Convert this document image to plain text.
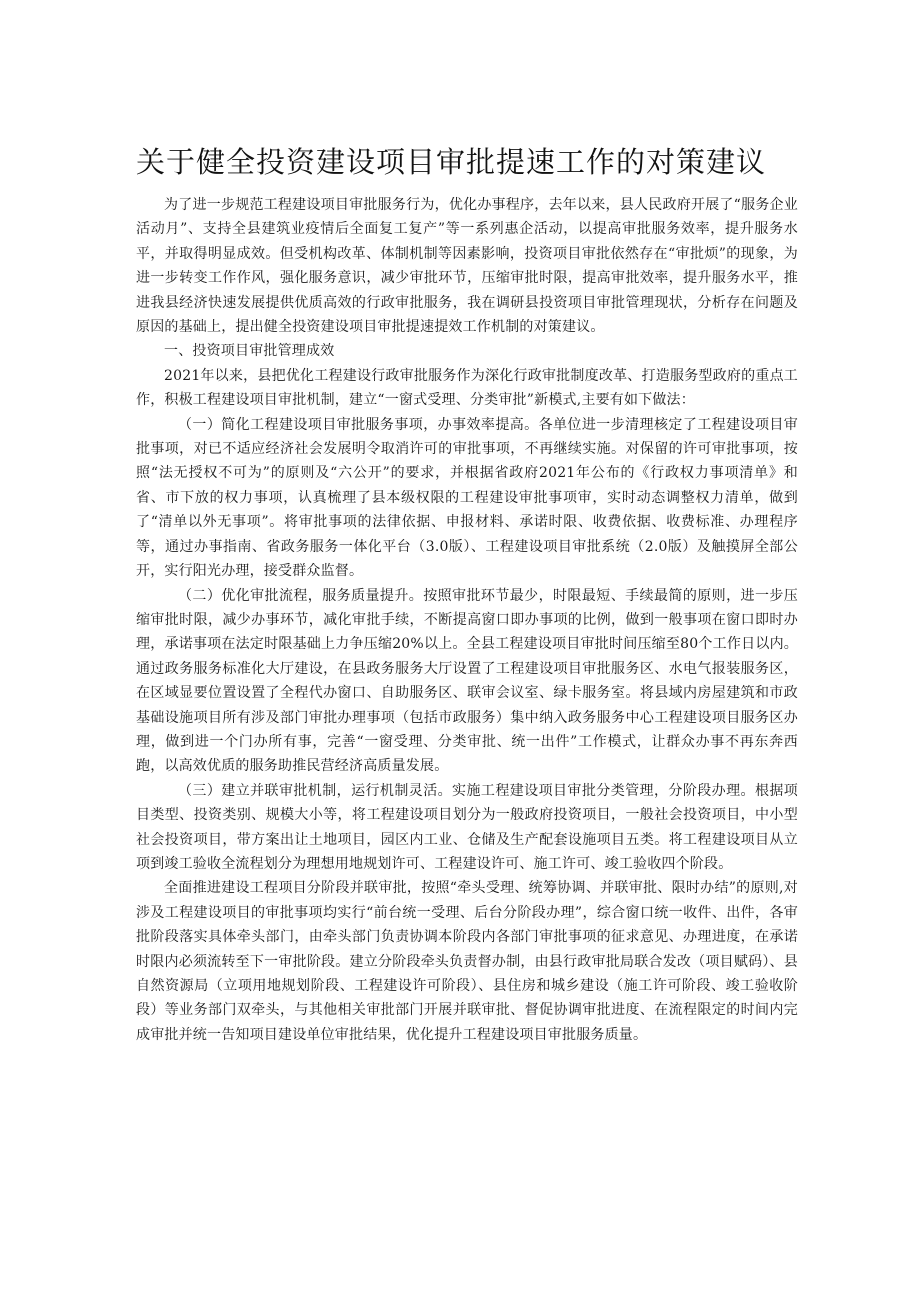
关于健全投资建设项目审批提速工作的对策建议

为了进一步规范工程建设项目审批服务行为，优化办事程序，去年以来，县人民政府开展了“服务企业活动月”、支持全县建筑业疫情后全面复工复产”等一系列惠企活动，以提高审批服务效率，提升服务水平，并取得明显成效。但受机构改革、体制机制等因素影响，投资项目审批依然存在“审批烦”的现象，为进一步转变工作作风，强化服务意识，减少审批环节，压缩审批时限，提高审批效率，提升服务水平，推进我县经济快速发展提供优质高效的行政审批服务，我在调研县投资项目审批管理现状，分析存在问题及原因的基础上，提出健全投资建设项目审批提速提效工作机制的对策建议。

一、投资项目审批管理成效

2021年以来，县把优化工程建设行政审批服务作为深化行政审批制度改革、打造服务型政府的重点工作，积极工程建设项目审批机制，建立“一窗式受理、分类审批”新模式,主要有如下做法：

（一）简化工程建设项目审批服务事项，办事效率提高。各单位进一步清理核定了工程建设项目审批事项，对已不适应经济社会发展明令取消许可的审批事项，不再继续实施。对保留的许可审批事项，按照“法无授权不可为”的原则及“六公开”的要求，并根据省政府2021年公布的《行政权力事项清单》和省、市下放的权力事项，认真梳理了县本级权限的工程建设审批事项审，实时动态调整权力清单，做到了“清单以外无事项”。将审批事项的法律依据、申报材料、承诺时限、收费依据、收费标准、办理程序等，通过办事指南、省政务服务一体化平台（3.0版）、工程建设项目审批系统（2.0版）及触摸屏全部公开，实行阳光办理，接受群众监督。

（二）优化审批流程，服务质量提升。按照审批环节最少，时限最短、手续最简的原则，进一步压缩审批时限，减少办事环节，减化审批手续，不断提高窗口即办事项的比例，做到一般事项在窗口即时办理，承诺事项在法定时限基础上力争压缩20%以上。全县工程建设项目审批时间压缩至80个工作日以内。通过政务服务标准化大厅建设，在县政务服务大厅设置了工程建设项目审批服务区、水电气报装服务区，在区域显要位置设置了全程代办窗口、自助服务区、联审会议室、绿卡服务室。将县域内房屋建筑和市政基础设施项目所有涉及部门审批办理事项（包括市政服务）集中纳入政务服务中心工程建设项目服务区办理，做到进一个门办所有事，完善“一窗受理、分类审批、统一出件”工作模式，让群众办事不再东奔西跑，以高效优质的服务助推民营经济高质量发展。

（三）建立并联审批机制，运行机制灵活。实施工程建设项目审批分类管理，分阶段办理。根据项目类型、投资类别、规模大小等，将工程建设项目划分为一般政府投资项目，一般社会投资项目，中小型社会投资项目，带方案出让土地项目，园区内工业、仓储及生产配套设施项目五类。将工程建设项目从立项到竣工验收全流程划分为理想用地规划许可、工程建设许可、施工许可、竣工验收四个阶段。

全面推进建设工程项目分阶段并联审批，按照“牵头受理、统筹协调、并联审批、限时办结”的原则,对涉及工程建设项目的审批事项均实行“前台统一受理、后台分阶段办理”，综合窗口统一收件、出件，各审批阶段落实具体牵头部门，由牵头部门负责协调本阶段内各部门审批事项的征求意见、办理进度，在承诺时限内必须流转至下一审批阶段。建立分阶段牵头负责督办制，由县行政审批局联合发改（项目赋码）、县自然资源局（立项用地规划阶段、工程建设许可阶段）、县住房和城乡建设（施工许可阶段、竣工验收阶段）等业务部门双牵头，与其他相关审批部门开展并联审批、督促协调审批进度、在流程限定的时间内完成审批并统一告知项目建设单位审批结果，优化提升工程建设项目审批服务质量。
